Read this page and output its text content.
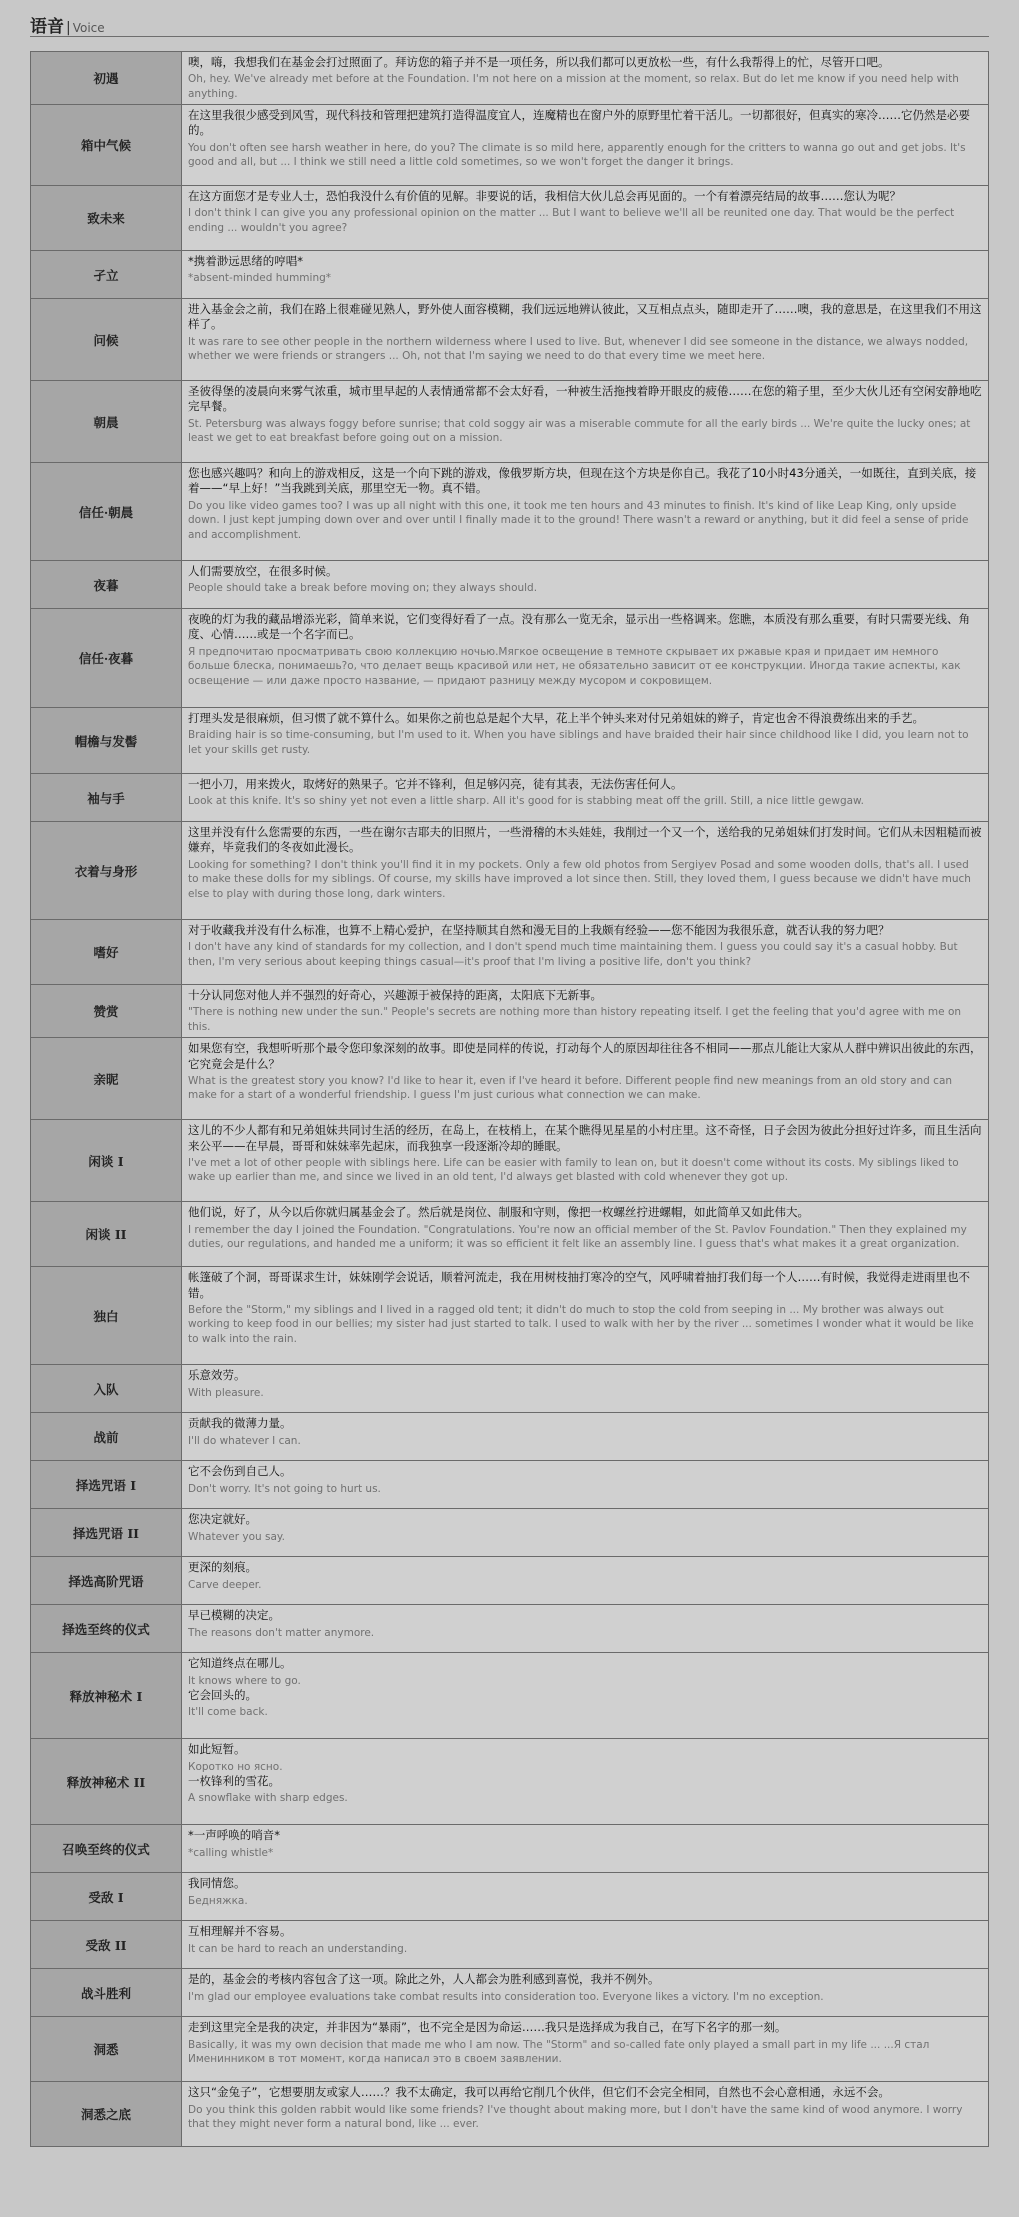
语音 | Voice
初遇	噢，嗨，我想我们在基金会打过照面了。拜访您的箱子并不是一项任务，所以我们都可以更放松一些，有什么我帮得上的忙，尽管开口吧。
Oh, hey. We've already met before at the Foundation. I'm not here on a mission at the moment, so relax. But do let me know if you need help with anything.

箱中气候	在这里我很少感受到风雪，现代科技和管理把建筑打造得温度宜人，连魔精也在窗户外的原野里忙着干活儿。一切都很好，但真实的寒冷……它仍然是必要的。
You don't often see harsh weather in here, do you? The climate is so mild here, apparently enough for the critters to wanna go out and get jobs. It's good and all, but ... I think we still need a little cold sometimes, so we won't forget the danger it brings.

致未来	在这方面您才是专业人士，恐怕我没什么有价值的见解。非要说的话，我相信大伙儿总会再见面的。一个有着漂亮结局的故事……您认为呢？
I don't think I can give you any professional opinion on the matter ... But I want to believe we'll all be reunited one day. That would be the perfect ending ... wouldn't you agree?

孑立	*携着渺远思绪的哼唱*
*absent-minded humming*

问候	进入基金会之前，我们在路上很难碰见熟人，野外使人面容模糊，我们远远地辨认彼此，又互相点点头，随即走开了……噢，我的意思是，在这里我们不用这样了。
It was rare to see other people in the northern wilderness where I used to live. But, whenever I did see someone in the distance, we always nodded, whether we were friends or strangers ... Oh, not that I'm saying we need to do that every time we meet here.

朝晨	圣彼得堡的凌晨向来雾气浓重，城市里早起的人表情通常都不会太好看，一种被生活拖拽着睁开眼皮的疲倦……在您的箱子里，至少大伙儿还有空闲安静地吃完早餐。
St. Petersburg was always foggy before sunrise; that cold soggy air was a miserable commute for all the early birds ... We're quite the lucky ones; at least we get to eat breakfast before going out on a mission.

信任·朝晨	您也感兴趣吗？和向上的游戏相反，这是一个向下跳的游戏，像俄罗斯方块，但现在这个方块是你自己。我花了10小时43分通关，一如既往，直到关底，接着——“早上好！”当我跳到关底，那里空无一物。真不错。
Do you like video games too? I was up all night with this one, it took me ten hours and 43 minutes to finish. It's kind of like Leap King, only upside down. I just kept jumping down over and over until I finally made it to the ground! There wasn't a reward or anything, but it did feel a sense of pride and accomplishment.

夜暮	人们需要放空，在很多时候。
People should take a break before moving on; they always should.

信任·夜暮	夜晚的灯为我的藏品增添光彩，简单来说，它们变得好看了一点。没有那么一览无余，显示出一些格调来。您瞧，本质没有那么重要，有时只需要光线、角度、心情……或是一个名字而已。
Я предпочитаю просматривать свою коллекцию ночью.Мягкое освещение в темноте скрывает их ржавые края и придает им немного больше блеска, понимаешь?о, что делает вещь красивой или нет, не обязательно зависит от ее конструкции. Иногда такие аспекты, как освещение — или даже просто название, — придают разницу между мусором и сокровищем.

帽檐与发髻	打理头发是很麻烦，但习惯了就不算什么。如果你之前也总是起个大早，花上半个钟头来对付兄弟姐妹的辫子，肯定也舍不得浪费练出来的手艺。
Braiding hair is so time-consuming, but I'm used to it. When you have siblings and have braided their hair since childhood like I did, you learn not to let your skills get rusty.

袖与手	一把小刀，用来拨火，取烤好的熟果子。它并不锋利，但足够闪亮，徒有其表，无法伤害任何人。
Look at this knife. It's so shiny yet not even a little sharp. All it's good for is stabbing meat off the grill. Still, a nice little gewgaw.

衣着与身形	这里并没有什么您需要的东西，一些在谢尔吉耶夫的旧照片，一些滑稽的木头娃娃，我削过一个又一个，送给我的兄弟姐妹们打发时间。它们从未因粗糙而被嫌弃，毕竟我们的冬夜如此漫长。
Looking for something? I don't think you'll find it in my pockets. Only a few old photos from Sergiyev Posad and some wooden dolls, that's all. I used to make these dolls for my siblings. Of course, my skills have improved a lot since then. Still, they loved them, I guess because we didn't have much else to play with during those long, dark winters.

嗜好	对于收藏我并没有什么标准，也算不上精心爱护，在坚持顺其自然和漫无目的上我颇有经验——您不能因为我很乐意，就否认我的努力吧？
I don't have any kind of standards for my collection, and I don't spend much time maintaining them. I guess you could say it's a casual hobby. But then, I'm very serious about keeping things casual—it's proof that I'm living a positive life, don't you think?

赞赏	十分认同您对他人并不强烈的好奇心，兴趣源于被保持的距离，太阳底下无新事。
"There is nothing new under the sun." People's secrets are nothing more than history repeating itself. I get the feeling that you'd agree with me on this.

亲昵	如果您有空，我想听听那个最令您印象深刻的故事。即使是同样的传说，打动每个人的原因却往往各不相同——那点儿能让大家从人群中辨识出彼此的东西，它究竟会是什么？
What is the greatest story you know? I'd like to hear it, even if I've heard it before. Different people find new meanings from an old story and can make for a start of a wonderful friendship. I guess I'm just curious what connection we can make.

闲谈 I	这儿的不少人都有和兄弟姐妹共同讨生活的经历，在岛上，在枝梢上，在某个瞧得见星星的小村庄里。这不奇怪，日子会因为彼此分担好过许多，而且生活向来公平——在早晨，哥哥和妹妹率先起床，而我独享一段逐渐冷却的睡眠。
I've met a lot of other people with siblings here. Life can be easier with family to lean on, but it doesn't come without its costs. My siblings liked to wake up earlier than me, and since we lived in an old tent, I'd always get blasted with cold whenever they got up.

闲谈 II	他们说，好了，从今以后你就归属基金会了。然后就是岗位、制服和守则，像把一枚螺丝拧进螺帽，如此简单又如此伟大。
I remember the day I joined the Foundation. "Congratulations. You're now an official member of the St. Pavlov Foundation." Then they explained my duties, our regulations, and handed me a uniform; it was so efficient it felt like an assembly line. I guess that's what makes it a great organization.

独白	帐篷破了个洞，哥哥谋求生计，妹妹刚学会说话，顺着河流走，我在用树枝抽打寒冷的空气，风呼啸着抽打我们每一个人……有时候，我觉得走进雨里也不错。
Before the "Storm," my siblings and I lived in a ragged old tent; it didn't do much to stop the cold from seeping in ... My brother was always out working to keep food in our bellies; my sister had just started to talk. I used to walk with her by the river ... sometimes I wonder what it would be like to walk into the rain.

入队	乐意效劳。
With pleasure.

战前	贡献我的微薄力量。
I'll do whatever I can.

择选咒语 I	它不会伤到自己人。
Don't worry. It's not going to hurt us.

择选咒语 II	您决定就好。
Whatever you say.

择选高阶咒语	更深的刻痕。
Carve deeper.

择选至终的仪式	早已模糊的决定。
The reasons don't matter anymore.

释放神秘术 I	它知道终点在哪儿。
It knows where to go.
它会回头的。
It'll come back.

释放神秘术 II	如此短暂。
Коротко но ясно.
一枚锋利的雪花。
A snowflake with sharp edges.

召唤至终的仪式	*一声呼唤的哨音*
*calling whistle*

受敌 I	我同情您。
Бедняжка.

受敌 II	互相理解并不容易。
It can be hard to reach an understanding.

战斗胜利	是的，基金会的考核内容包含了这一项。除此之外，人人都会为胜利感到喜悦，我并不例外。
I'm glad our employee evaluations take combat results into consideration too. Everyone likes a victory. I'm no exception.

洞悉	走到这里完全是我的决定，并非因为“暴雨”，也不完全是因为命运……我只是选择成为我自己，在写下名字的那一刻。
Basically, it was my own decision that made me who I am now. The "Storm" and so-called fate only played a small part in my life ... ...Я стал Именинником в тот момент, когда написал это в своем заявлении.

洞悉之底	这只“金兔子”，它想要朋友或家人……？我不太确定，我可以再给它削几个伙伴，但它们不会完全相同，自然也不会心意相通，永远不会。
Do you think this golden rabbit would like some friends? I've thought about making more, but I don't have the same kind of wood anymore. I worry that they might never form a natural bond, like ... ever.
